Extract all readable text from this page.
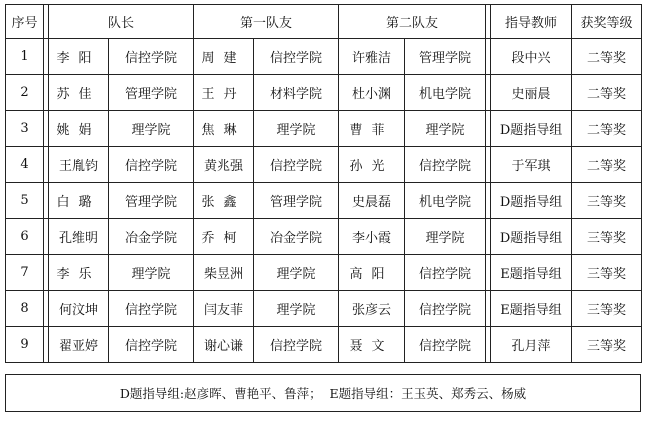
序号		队长		第一队友		第二队友			指导教师	获奖等级
1		李阳	信控学院	周建	信控学院	许雅洁	管理学院		段中兴	二等奖
2		苏佳	管理学院	王丹	材料学院	杜小渊	机电学院		史丽晨	二等奖
3		姚娟	理学院	焦琳	理学院	曹菲	理学院		D题指导组	二等奖
4		王胤钧	信控学院	黄兆强	信控学院	孙光	信控学院		于军琪	二等奖
5		白璐	管理学院	张鑫	管理学院	史晨磊	机电学院		D题指导组	三等奖
6		孔维明	冶金学院	乔柯	冶金学院	李小霞	理学院		D题指导组	三等奖
7		李乐	理学院	柴昱洲	理学院	高阳	信控学院		E题指导组	三等奖
8		何汶坤	信控学院	闫友菲	理学院	张彦云	信控学院		E题指导组	三等奖
9		翟亚婷	信控学院	谢心谦	信控学院	聂文	信控学院		孔月萍	三等奖
D题指导组:赵彦晖、曹艳平、鲁萍；  E题指导组：王玉英、郑秀云、杨威
